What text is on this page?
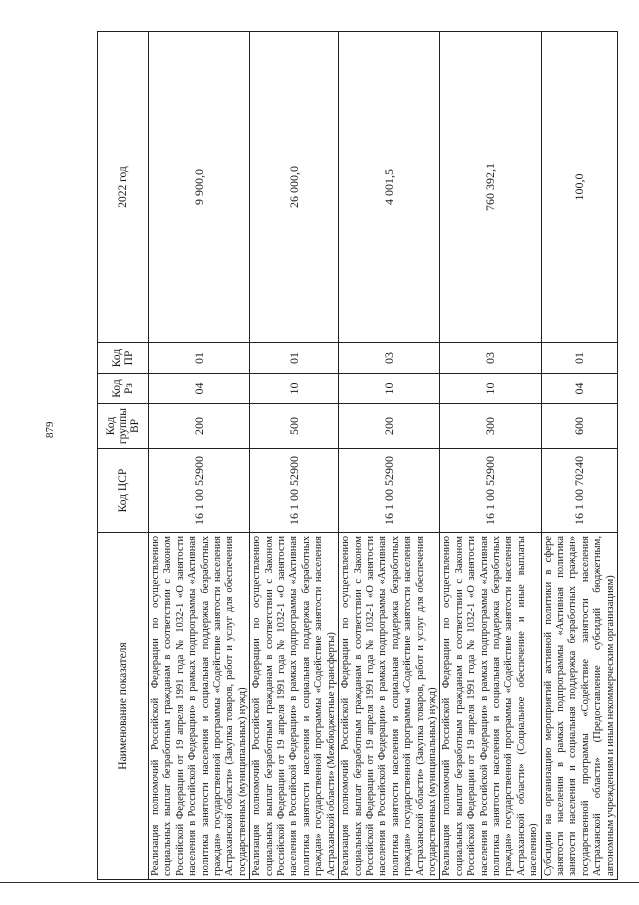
879
Наименование показателя	Код ЦСР	Код группы ВР	Код Рз	Код ПР	2022 год
Реализация полномочий Российской Федерации по осуществлению социальных выплат безработным гражданам в соответствии с Законом Российской Федерации от 19 апреля 1991 года № 1032-1 «О занятости населения в Российской Федерации» в рамках подпрограммы «Активная политика занятости населения и социальная поддержка безработных граждан» государственной программы «Содействие занятости населения Астраханской области» (Закупка товаров, работ и услуг для обеспечения государственных (муниципальных) нужд)	16 1 00 52900	200	04	01	9 900,0
Реализация полномочий Российской Федерации по осуществлению социальных выплат безработным гражданам в соответствии с Законом Российской Федерации от 19 апреля 1991 года № 1032-1 «О занятости населения в Российской Федерации» в рамках подпрограммы «Активная политика занятости населения и социальная поддержка безработных граждан» государственной программы «Содействие занятости населения Астраханской области» (Межбюджетные трансферты)	16 1 00 52900	500	10	01	26 000,0
Реализация полномочий Российской Федерации по осуществлению социальных выплат безработным гражданам в соответствии с Законом Российской Федерации от 19 апреля 1991 года № 1032-1 «О занятости населения в Российской Федерации» в рамках подпрограммы «Активная политика занятости населения и социальная поддержка безработных граждан» государственной программы «Содействие занятости населения Астраханской области» (Закупка товаров, работ и услуг для обеспечения государственных (муниципальных) нужд)	16 1 00 52900	200	10	03	4 001,5
Реализация полномочий Российской Федерации по осуществлению социальных выплат безработным гражданам в соответствии с Законом Российской Федерации от 19 апреля 1991 года № 1032-1 «О занятости населения в Российской Федерации» в рамках подпрограммы «Активная политика занятости населения и социальная поддержка безработных граждан» государственной программы «Содействие занятости населения Астраханской области» (Социальное обеспечение и иные выплаты населению)	16 1 00 52900	300	10	03	760 392,1
Субсидии на организацию мероприятий активной политики в сфере занятости населения в рамках подпрограммы «Активная политика занятости населения и социальная поддержка безработных граждан» государственной программы «Содействие занятости населения Астраханской области» (Предоставление субсидий бюджетным, автономным учреждениям и иным некоммерческим организациям)	16 1 00 70240	600	04	01	100,0
